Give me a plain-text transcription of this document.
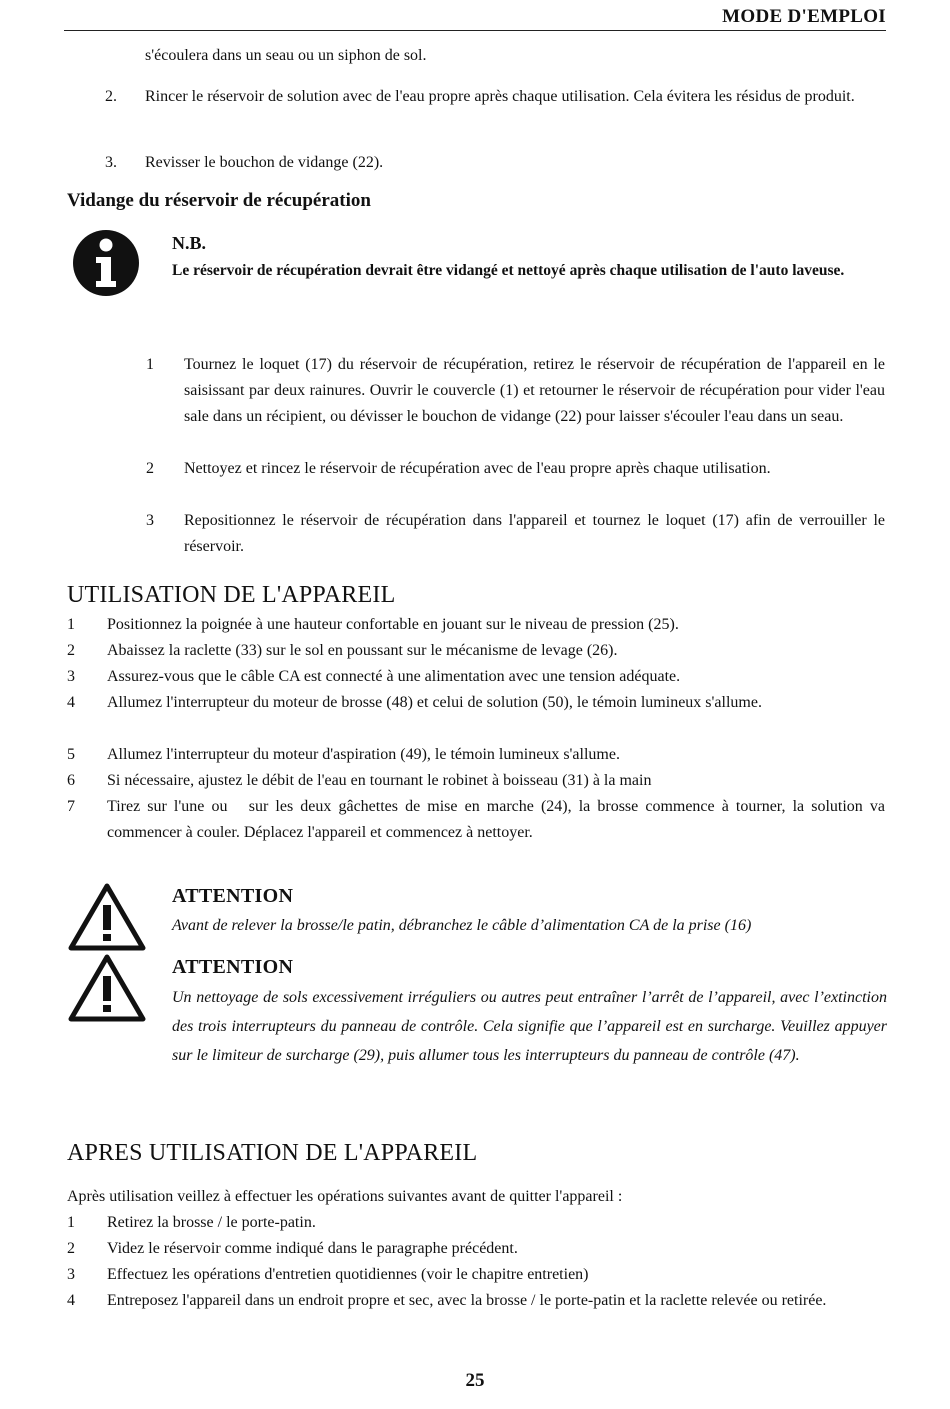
MODE D'EMPLOI
s'écoulera dans un seau ou un siphon de sol.
2. Rincer le réservoir de solution avec de l'eau propre après chaque utilisation. Cela évitera les résidus de produit.
3. Revisser le bouchon de vidange (22).
Vidange du réservoir de récupération
N.B.
Le réservoir de récupération devrait être vidangé et nettoyé après chaque utilisation de l'auto laveuse.
1 Tournez le loquet (17) du réservoir de récupération, retirez le réservoir de récupération de l'appareil en le saisissant par deux rainures. Ouvrir le couvercle (1) et retourner le réservoir de récupération pour vider l'eau sale dans un récipient, ou dévisser le bouchon de vidange (22) pour laisser s'écouler l'eau dans un seau.
2 Nettoyez et rincez le réservoir de récupération avec de l'eau propre après chaque utilisation.
3 Repositionnez le réservoir de récupération dans l'appareil et tournez le loquet (17) afin de verrouiller le réservoir.
UTILISATION DE L'APPAREIL
1 Positionnez la poignée à une hauteur confortable en jouant sur le niveau de pression (25).
2 Abaissez la raclette (33) sur le sol en poussant sur le mécanisme de levage (26).
3 Assurez-vous que le câble CA est connecté à une alimentation avec une tension adéquate.
4 Allumez l'interrupteur du moteur de brosse (48) et celui de solution (50), le témoin lumineux s'allume.
5 Allumez l'interrupteur du moteur d'aspiration (49), le témoin lumineux s'allume.
6 Si nécessaire, ajustez le débit de l'eau en tournant le robinet à boisseau (31) à la main
7 Tirez sur l'une ou   sur les deux gâchettes de mise en marche (24), la brosse commence à tourner, la solution va commencer à couler. Déplacez l'appareil et commencez à nettoyer.
ATTENTION
Avant de relever la brosse/le patin, débranchez le câble d’alimentation CA de la prise (16)
ATTENTION
Un nettoyage de sols excessivement irréguliers ou autres peut entraîner l’arrêt de l’appareil, avec l’extinction des trois interrupteurs du panneau de contrôle. Cela signifie que l’appareil est en surcharge. Veuillez appuyer sur le limiteur de surcharge (29), puis allumer tous les interrupteurs du panneau de contrôle (47).
APRES UTILISATION DE L'APPAREIL
Après utilisation veillez à effectuer les opérations suivantes avant de quitter l'appareil :
1 Retirez la brosse / le porte-patin.
2 Videz le réservoir comme indiqué dans le paragraphe précédent.
3 Effectuez les opérations d'entretien quotidiennes (voir le chapitre entretien)
4 Entreposez l'appareil dans un endroit propre et sec, avec la brosse / le porte-patin et la raclette relevée ou retirée.
25
